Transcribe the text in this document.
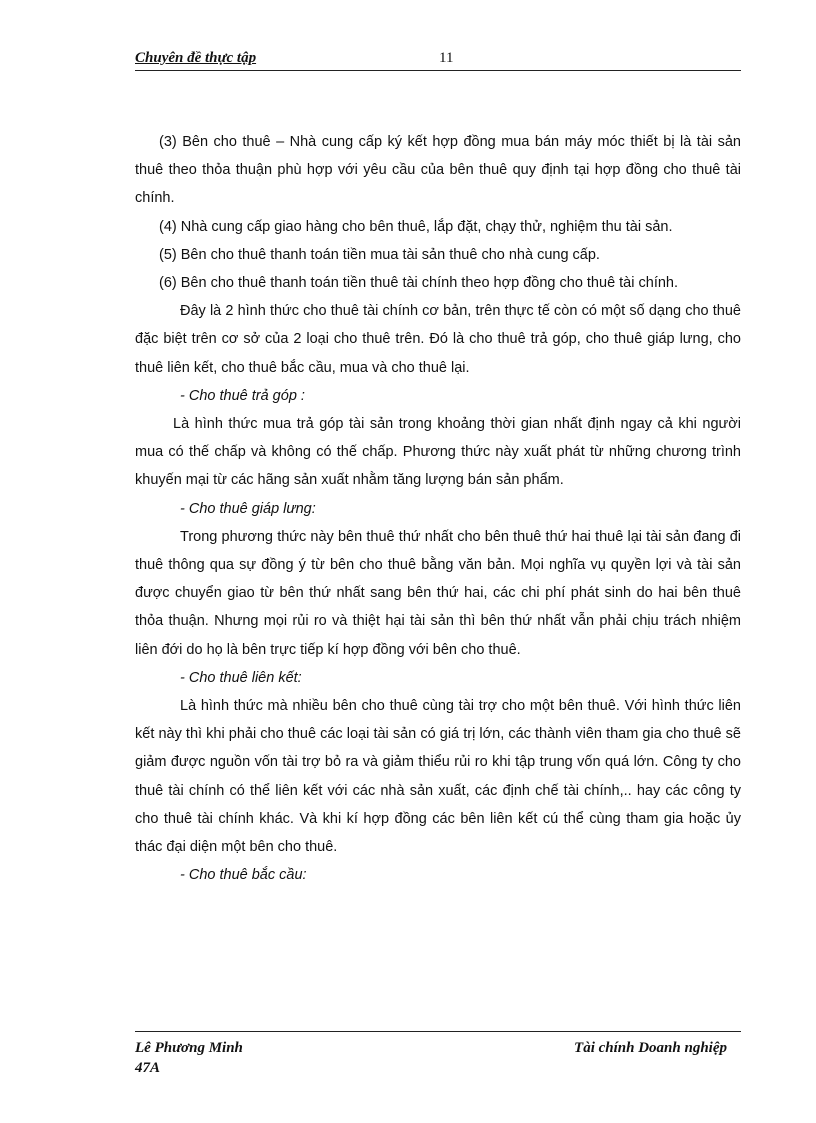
Chuyên đề thực tập	11

(3) Bên cho thuê – Nhà cung cấp ký kết hợp đồng mua bán máy móc thiết bị là tài sản thuê theo thỏa thuận phù hợp với yêu cầu của bên thuê quy định tại hợp đồng cho thuê tài chính.

(4) Nhà cung cấp giao hàng cho bên thuê, lắp đặt, chạy thử, nghiệm thu tài sản.

(5) Bên cho thuê thanh toán tiền mua tài sản thuê cho nhà cung cấp.

(6) Bên cho thuê thanh toán tiền thuê tài chính theo hợp đồng cho thuê tài chính.

Đây là 2 hình thức cho thuê tài chính cơ bản, trên thực tế còn có một số dạng cho thuê đặc biệt trên cơ sở của 2 loại cho thuê trên. Đó là cho thuê trả góp, cho thuê giáp lưng, cho thuê liên kết, cho thuê bắc cầu, mua và cho thuê lại.

- Cho thuê trả góp :

Là hình thức mua trả góp tài sản trong khoảng thời gian nhất định ngay cả khi người mua có thế chấp và không có thế chấp. Phương thức này xuất phát từ những chương trình khuyến mại từ các hãng sản xuất nhằm tăng lượng bán sản phẩm.

- Cho thuê giáp lưng:

Trong phương thức này bên thuê thứ nhất cho bên thuê thứ hai thuê lại tài sản đang đi thuê thông qua sự đồng ý từ bên cho thuê bằng văn bản. Mọi nghĩa vụ quyền lợi và tài sản được chuyển giao từ bên thứ nhất sang bên thứ hai, các chi phí phát sinh do hai bên thuê thỏa thuận. Nhưng mọi rủi ro và thiệt hại tài sản thì bên thứ nhất vẫn phải chịu trách nhiệm liên đới do họ là bên trực tiếp kí hợp đồng với bên cho thuê.

- Cho thuê liên kết:

Là hình thức mà nhiều bên cho thuê cùng tài trợ cho một bên thuê. Với hình thức liên kết này thì khi phải cho thuê các loại tài sản có giá trị lớn, các thành viên tham gia cho thuê sẽ giảm được nguồn vốn tài trợ bỏ ra và giảm thiểu rủi ro khi tập trung vốn quá lớn. Công ty cho thuê tài chính có thể liên kết với các nhà sản xuất, các định chế tài chính,.. hay các công ty cho thuê tài chính khác. Và khi kí hợp đồng các bên liên kết cú thể cùng tham gia hoặc ủy thác đại diện một bên cho thuê.

- Cho thuê bắc cầu:

Lê Phương Minh
47A
Tài chính Doanh nghiệp
